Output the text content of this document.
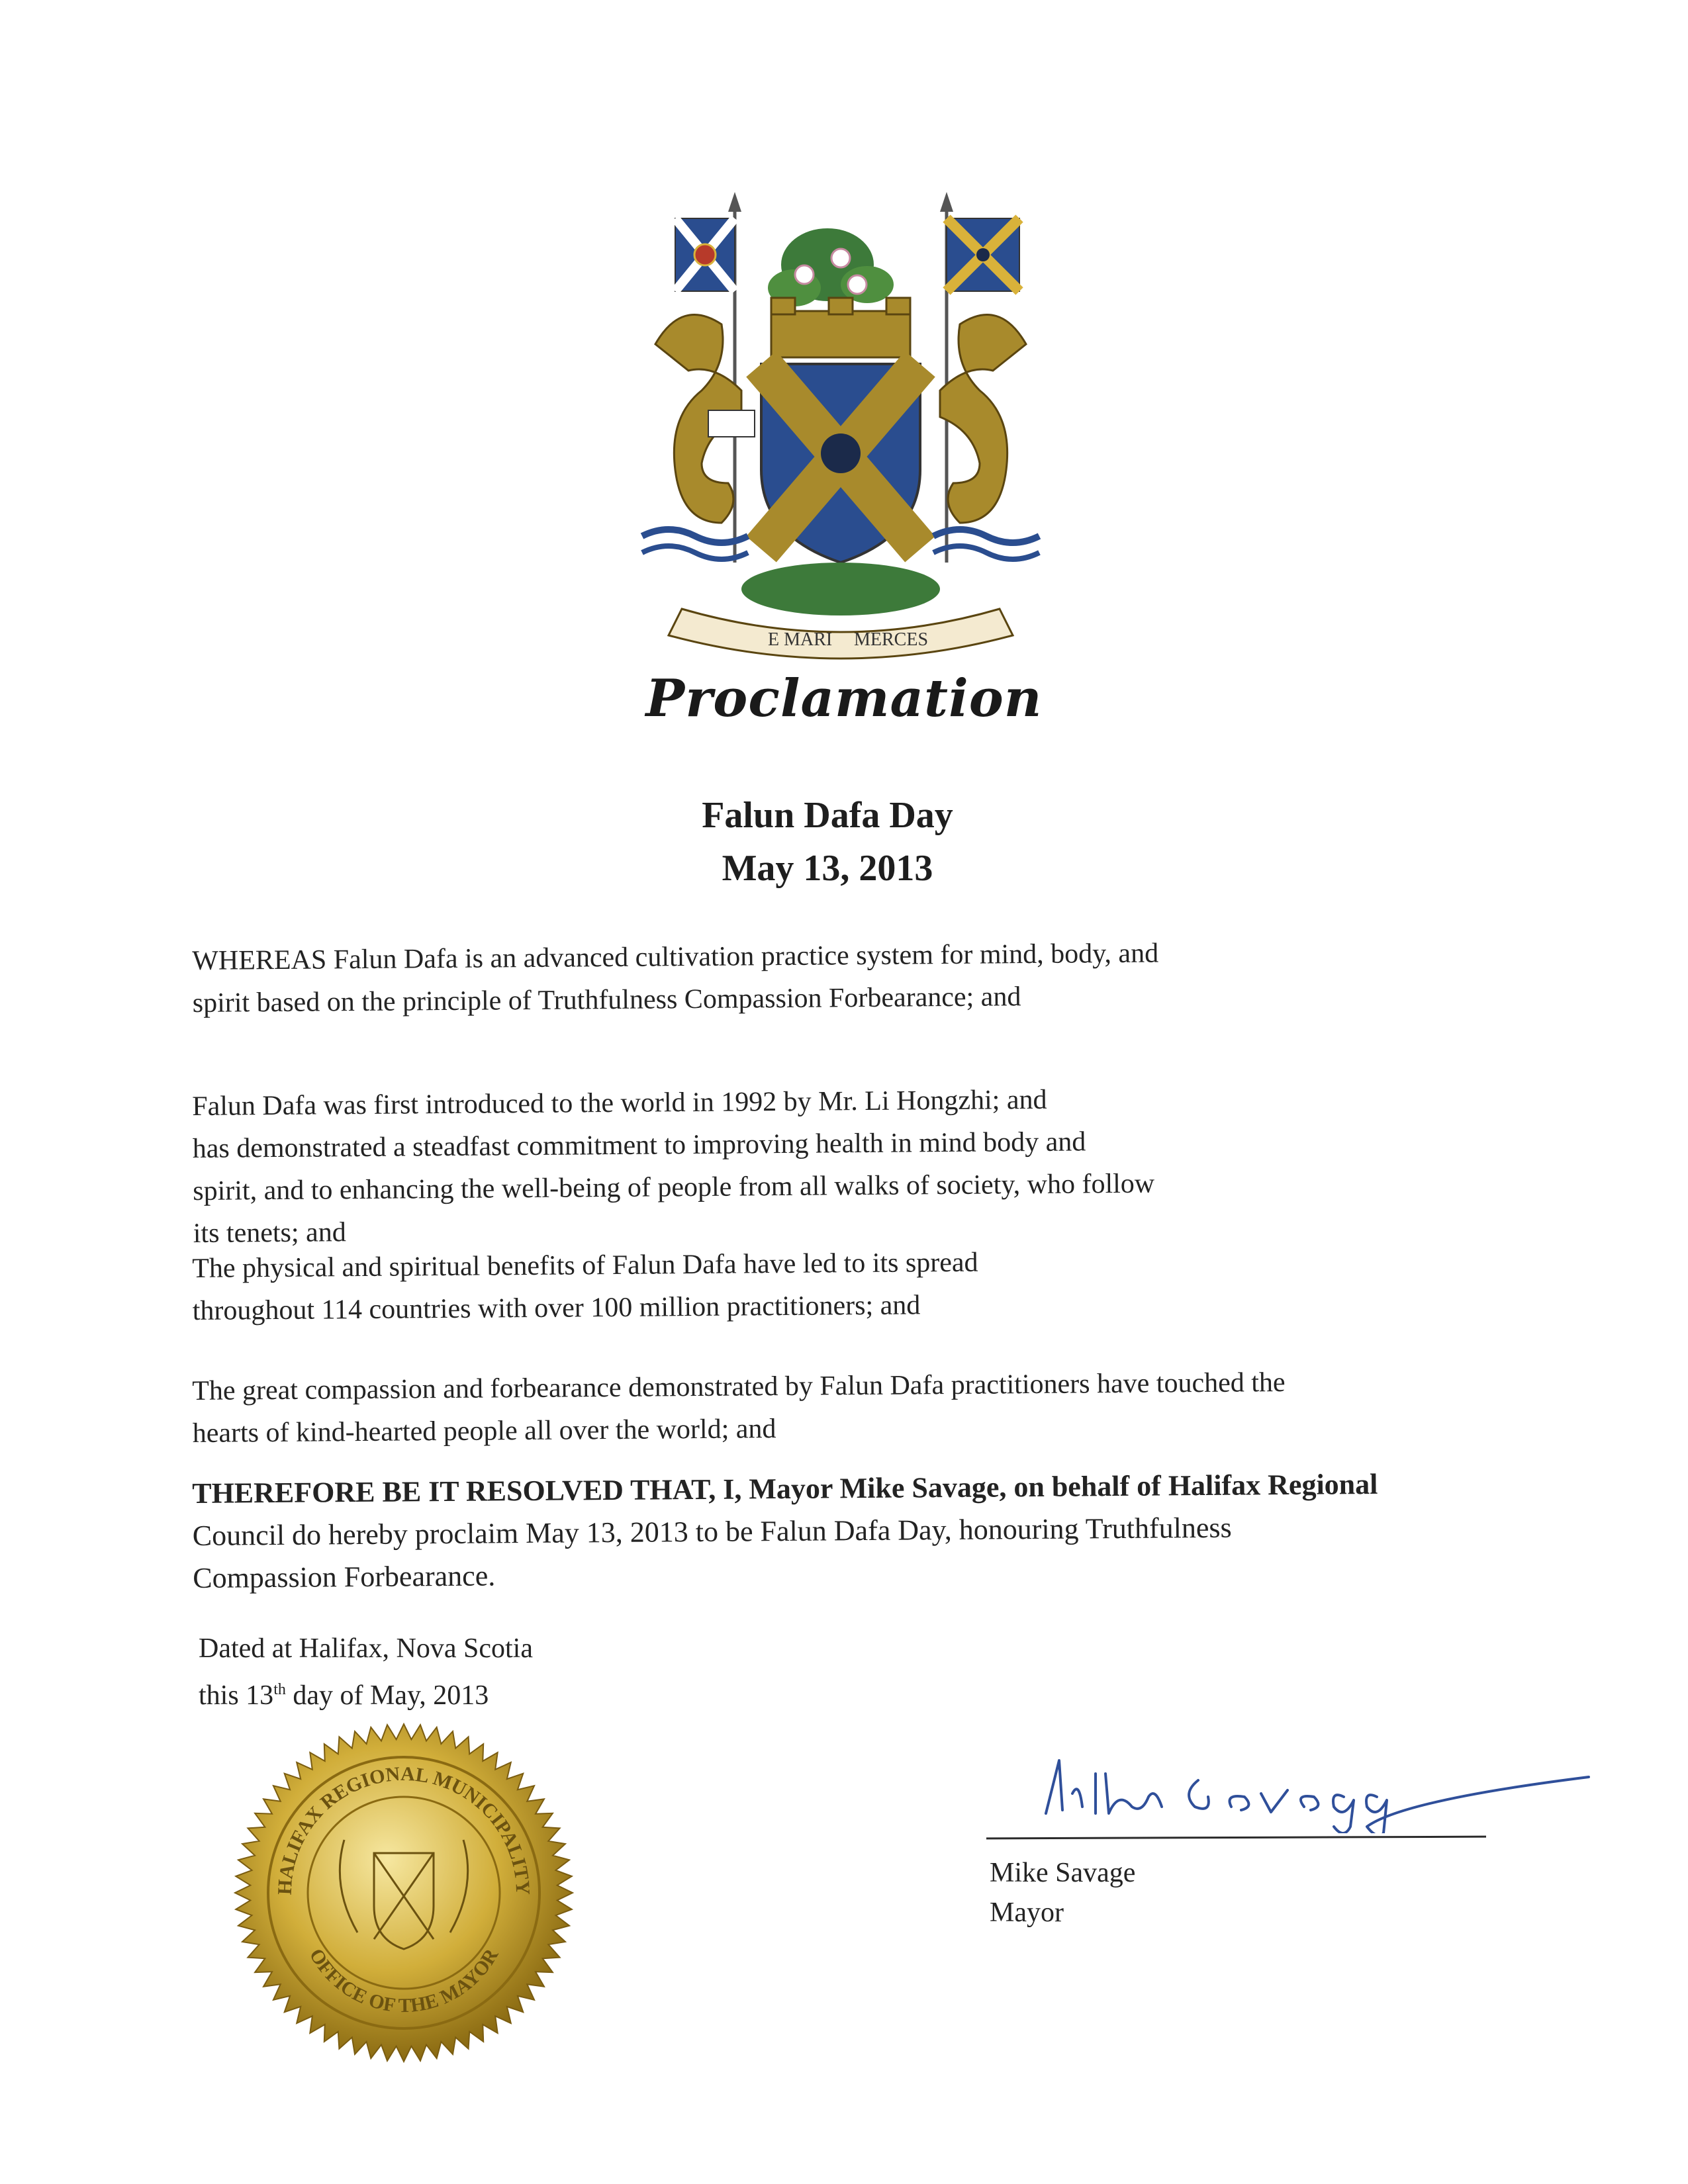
E MARI MERCES
Proclamation
Falun Dafa Day
May 13, 2013
WHEREAS Falun Dafa is an advanced cultivation practice system for mind, body, and
spirit based on the principle of Truthfulness Compassion Forbearance; and
Falun Dafa was first introduced to the world in 1992 by Mr. Li Hongzhi; and
has demonstrated a steadfast commitment to improving health in mind body and
spirit, and to enhancing the well-being of people from all walks of society, who follow
its tenets; and
The physical and spiritual benefits of Falun Dafa have led to its spread
throughout 114 countries with over 100 million practitioners; and
The great compassion and forbearance demonstrated by Falun Dafa practitioners have touched the
hearts of kind-hearted people all over the world; and
THEREFORE BE IT RESOLVED THAT, I, Mayor Mike Savage, on behalf of Halifax Regional
Council do hereby proclaim May 13, 2013 to be Falun Dafa Day, honouring Truthfulness
Compassion Forbearance.
Dated at Halifax, Nova Scotia
this 13th day of May, 2013
HALIFAX REGIONAL MUNICIPALITY
OFFICE OF THE MAYOR
Mike Savage
Mayor
